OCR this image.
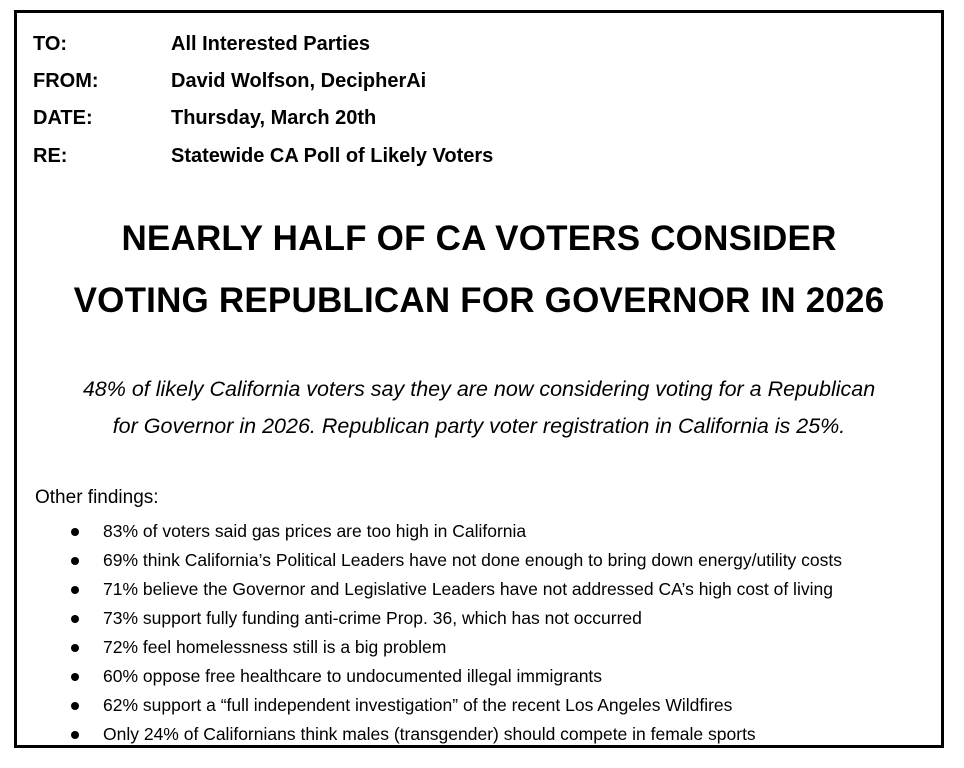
TO:	All Interested Parties
FROM:	David Wolfson, DecipherAi
DATE:	Thursday, March 20th
RE:	Statewide CA Poll of Likely Voters
NEARLY HALF OF CA VOTERS CONSIDER
VOTING REPUBLICAN FOR GOVERNOR IN 2026
48% of likely California voters say they are now considering voting for a Republican
for Governor in 2026. Republican party voter registration in California is 25%.
Other findings:
83% of voters said gas prices are too high in California
69% think California’s Political Leaders have not done enough to bring down energy/utility costs
71% believe the Governor and Legislative Leaders have not addressed CA’s high cost of living
73% support fully funding anti-crime Prop. 36, which has not occurred
72% feel homelessness still is a big problem
60% oppose free healthcare to undocumented illegal immigrants
62% support a “full independent investigation” of the recent Los Angeles Wildfires
Only 24% of Californians think males (transgender) should compete in female sports
